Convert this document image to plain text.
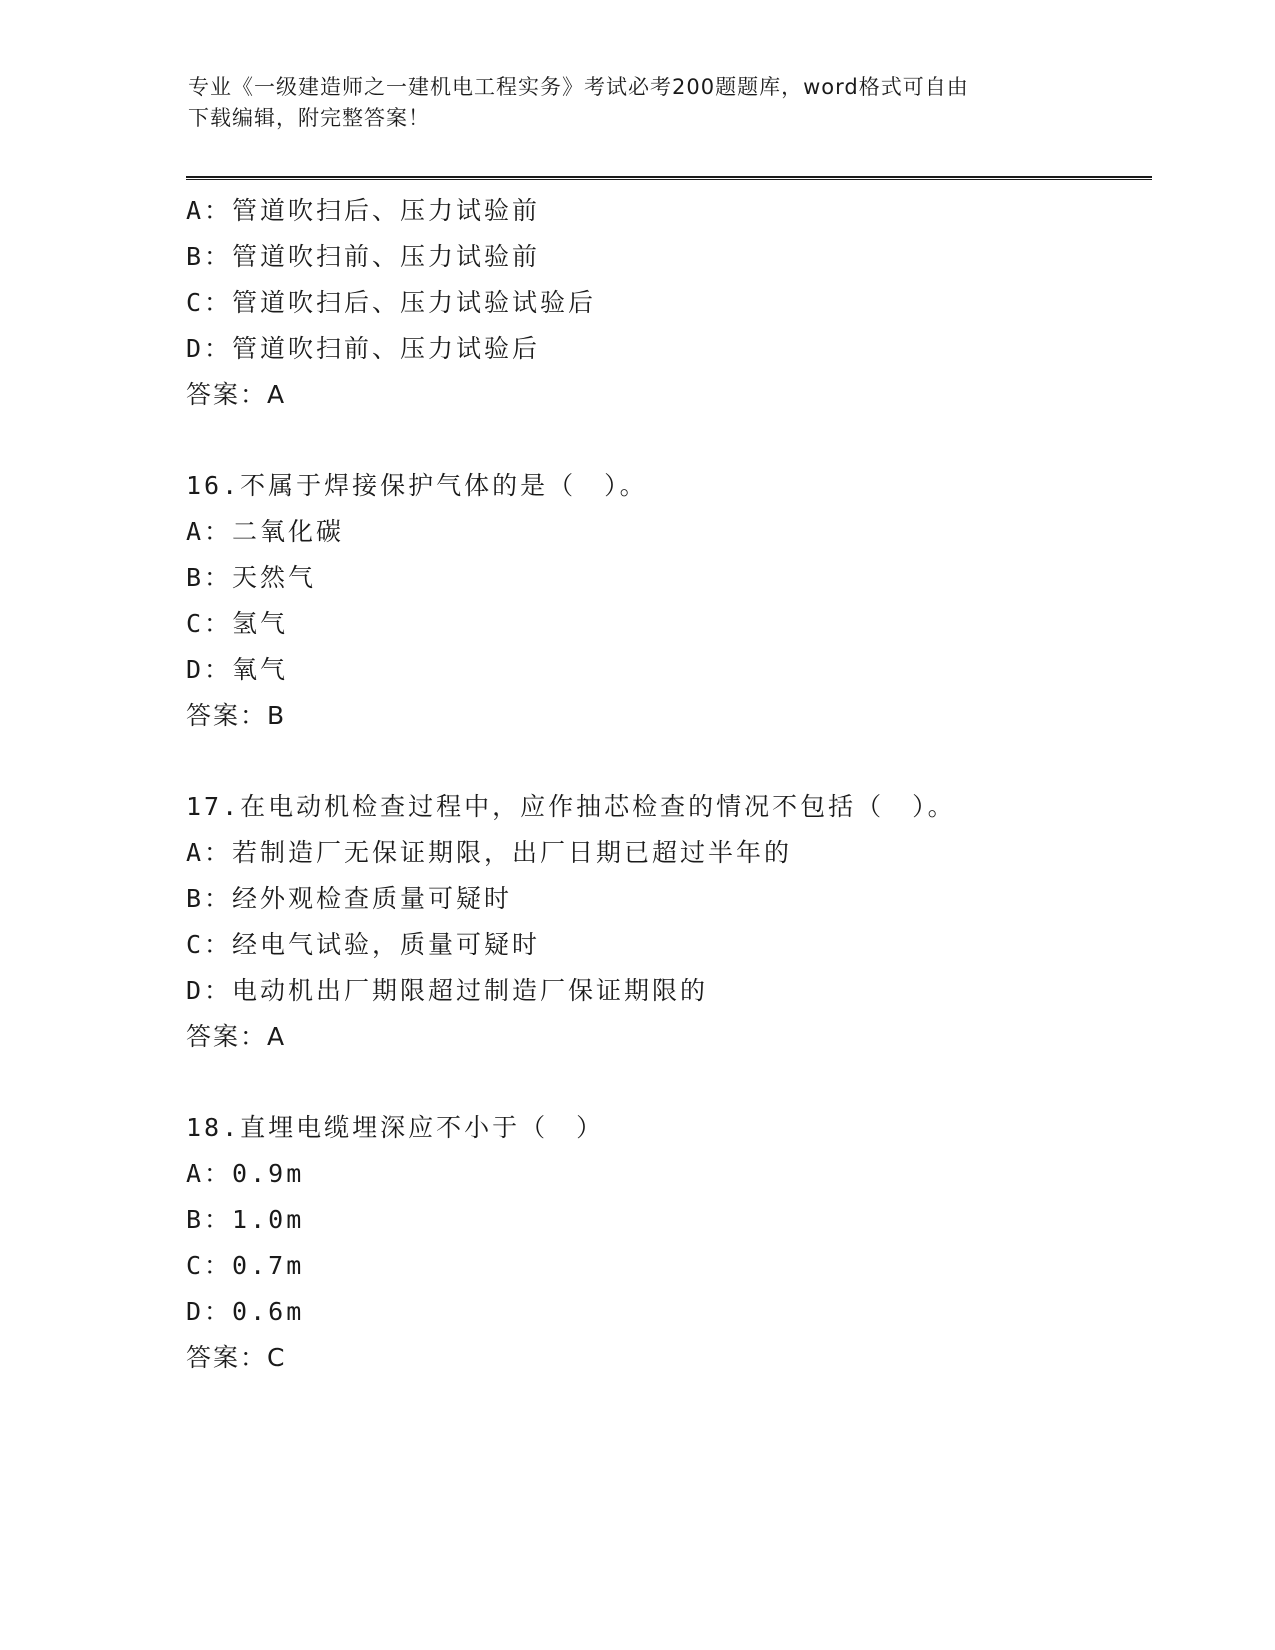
专业《一级建造师之一建机电工程实务》考试必考200题题库，word格式可自由
下载编辑，附完整答案！
A：管道吹扫后、压力试验前
B：管道吹扫前、压力试验前
C：管道吹扫后、压力试验试验后
D：管道吹扫前、压力试验后
答案：A
16.不属于焊接保护气体的是（　）。
A：二氧化碳
B：天然气
C：氢气
D：氧气
答案：B
17.在电动机检查过程中，应作抽芯检查的情况不包括（　）。
A：若制造厂无保证期限，出厂日期已超过半年的
B：经外观检查质量可疑时
C：经电气试验，质量可疑时
D：电动机出厂期限超过制造厂保证期限的
答案：A
18.直埋电缆埋深应不小于（　）
A：0.9m
B：1.0m
C：0.7m
D：0.6m
答案：C
